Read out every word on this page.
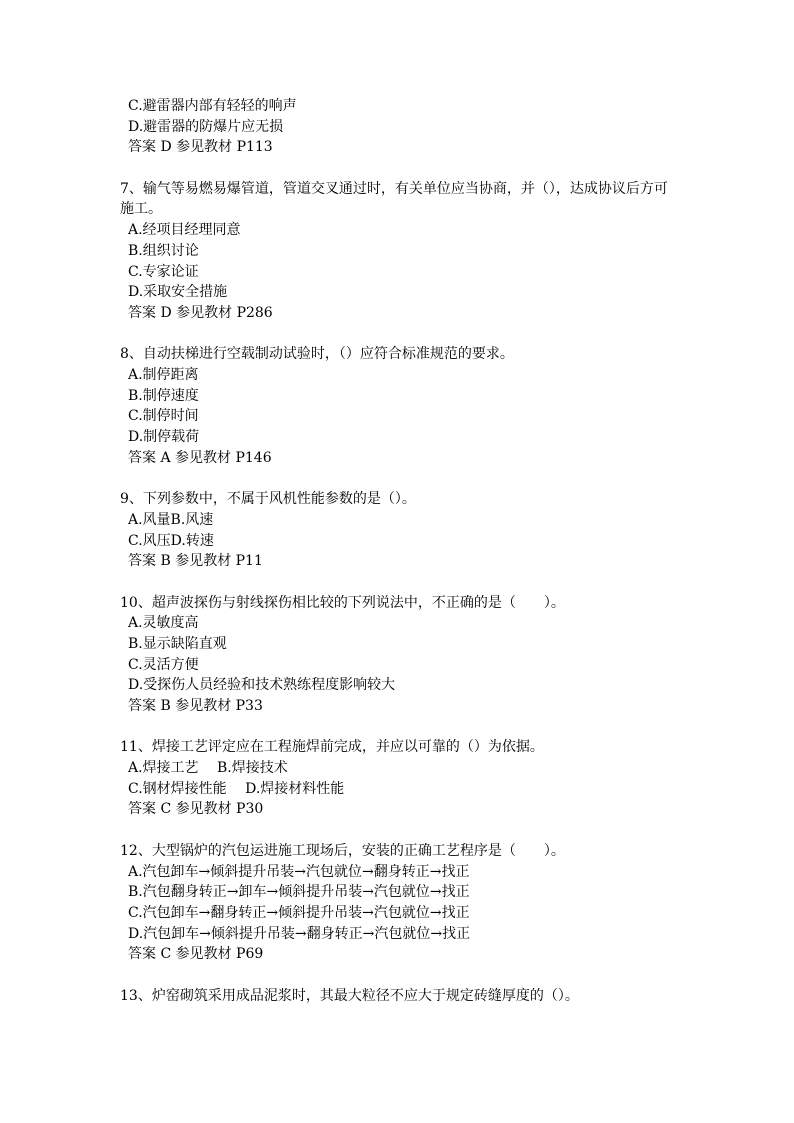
C.避雷器内部有轻轻的响声
D.避雷器的防爆片应无损
答案 D 参见教材 P113
7、输气等易燃易爆管道，管道交叉通过时，有关单位应当协商，并（），达成协议后方可施工。
A.经项目经理同意
B.组织讨论
C.专家论证
D.采取安全措施
答案 D 参见教材 P286
8、自动扶梯进行空载制动试验时，（）应符合标准规范的要求。
A.制停距离
B.制停速度
C.制停时间
D.制停载荷
答案 A 参见教材 P146
9、下列参数中，不属于风机性能参数的是（）。
A.风量B.风速
C.风压D.转速
答案 B 参见教材 P11
10、超声波探伤与射线探伤相比较的下列说法中，不正确的是（　　）。
A.灵敏度高
B.显示缺陷直观
C.灵活方便
D.受探伤人员经验和技术熟练程度影响较大
答案 B 参见教材 P33
11、焊接工艺评定应在工程施焊前完成，并应以可靠的（）为依据。
A.焊接工艺　 B.焊接技术
C.钢材焊接性能　 D.焊接材料性能
答案 C 参见教材 P30
12、大型锅炉的汽包运进施工现场后，安装的正确工艺程序是（　　）。
A.汽包卸车→倾斜提升吊装→汽包就位→翻身转正→找正
B.汽包翻身转正→卸车→倾斜提升吊装→汽包就位→找正
C.汽包卸车→翻身转正→倾斜提升吊装→汽包就位→找正
D.汽包卸车→倾斜提升吊装→翻身转正→汽包就位→找正
答案 C 参见教材 P69
13、炉窑砌筑采用成品泥浆时，其最大粒径不应大于规定砖缝厚度的（）。
